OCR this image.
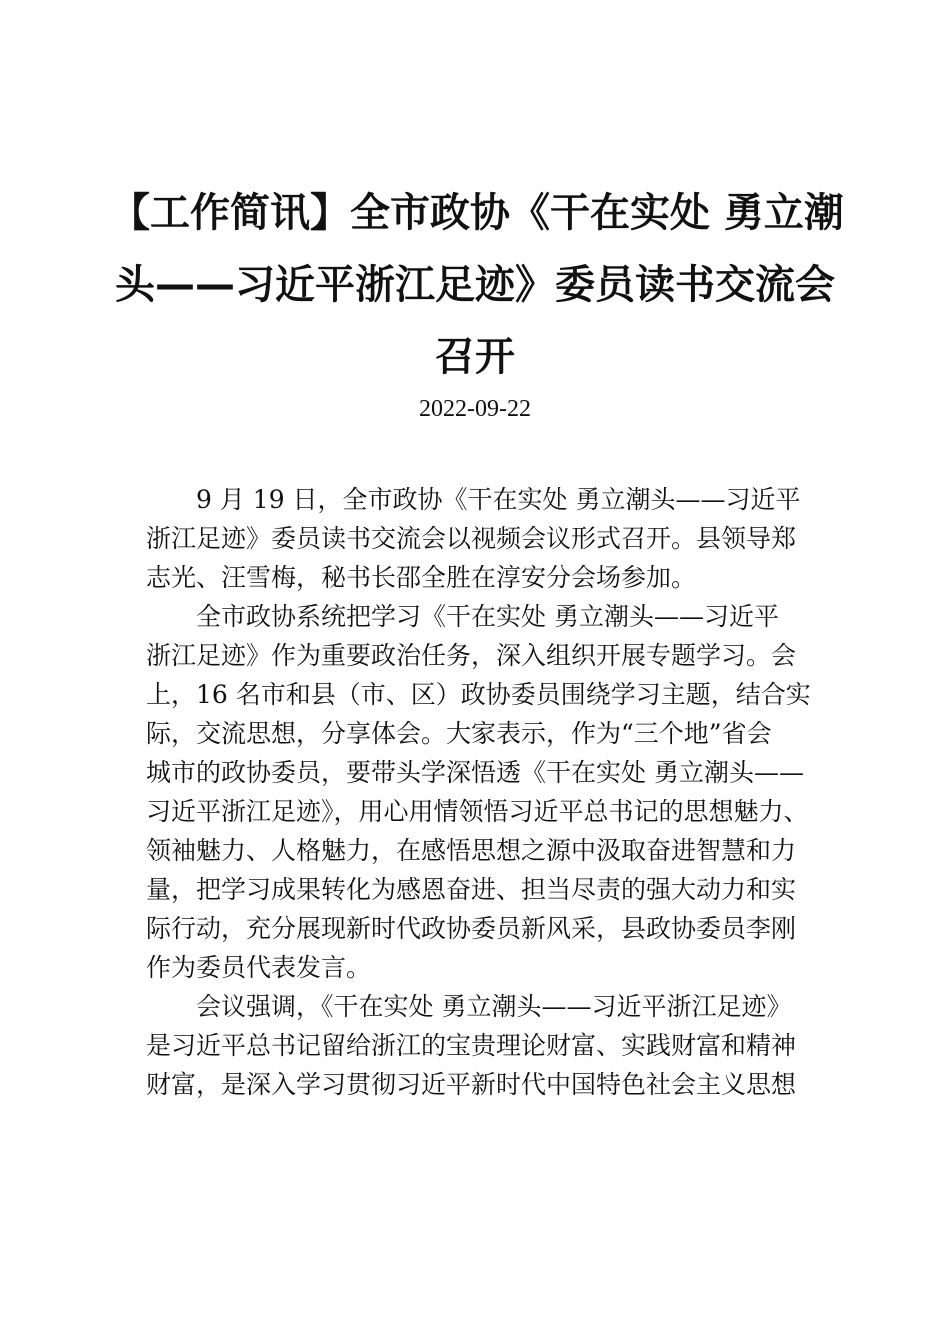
【工作简讯】全市政协《干在实处 勇立潮
头——习近平浙江足迹》委员读书交流会
召开
2022-09-22
9 月 19 日，全市政协《干在实处 勇立潮头——习近平
浙江足迹》委员读书交流会以视频会议形式召开。县领导郑
志光、汪雪梅，秘书长邵全胜在淳安分会场参加。
全市政协系统把学习《干在实处 勇立潮头——习近平
浙江足迹》作为重要政治任务，深入组织开展专题学习。会
上，16 名市和县（市、区）政协委员围绕学习主题，结合实
际，交流思想，分享体会。大家表示，作为“三个地”省会
城市的政协委员，要带头学深悟透《干在实处 勇立潮头——
习近平浙江足迹》，用心用情领悟习近平总书记的思想魅力、
领袖魅力、人格魅力，在感悟思想之源中汲取奋进智慧和力
量，把学习成果转化为感恩奋进、担当尽责的强大动力和实
际行动，充分展现新时代政协委员新风采，县政协委员李刚
作为委员代表发言。
会议强调，《干在实处 勇立潮头——习近平浙江足迹》
是习近平总书记留给浙江的宝贵理论财富、实践财富和精神
财富，是深入学习贯彻习近平新时代中国特色社会主义思想
